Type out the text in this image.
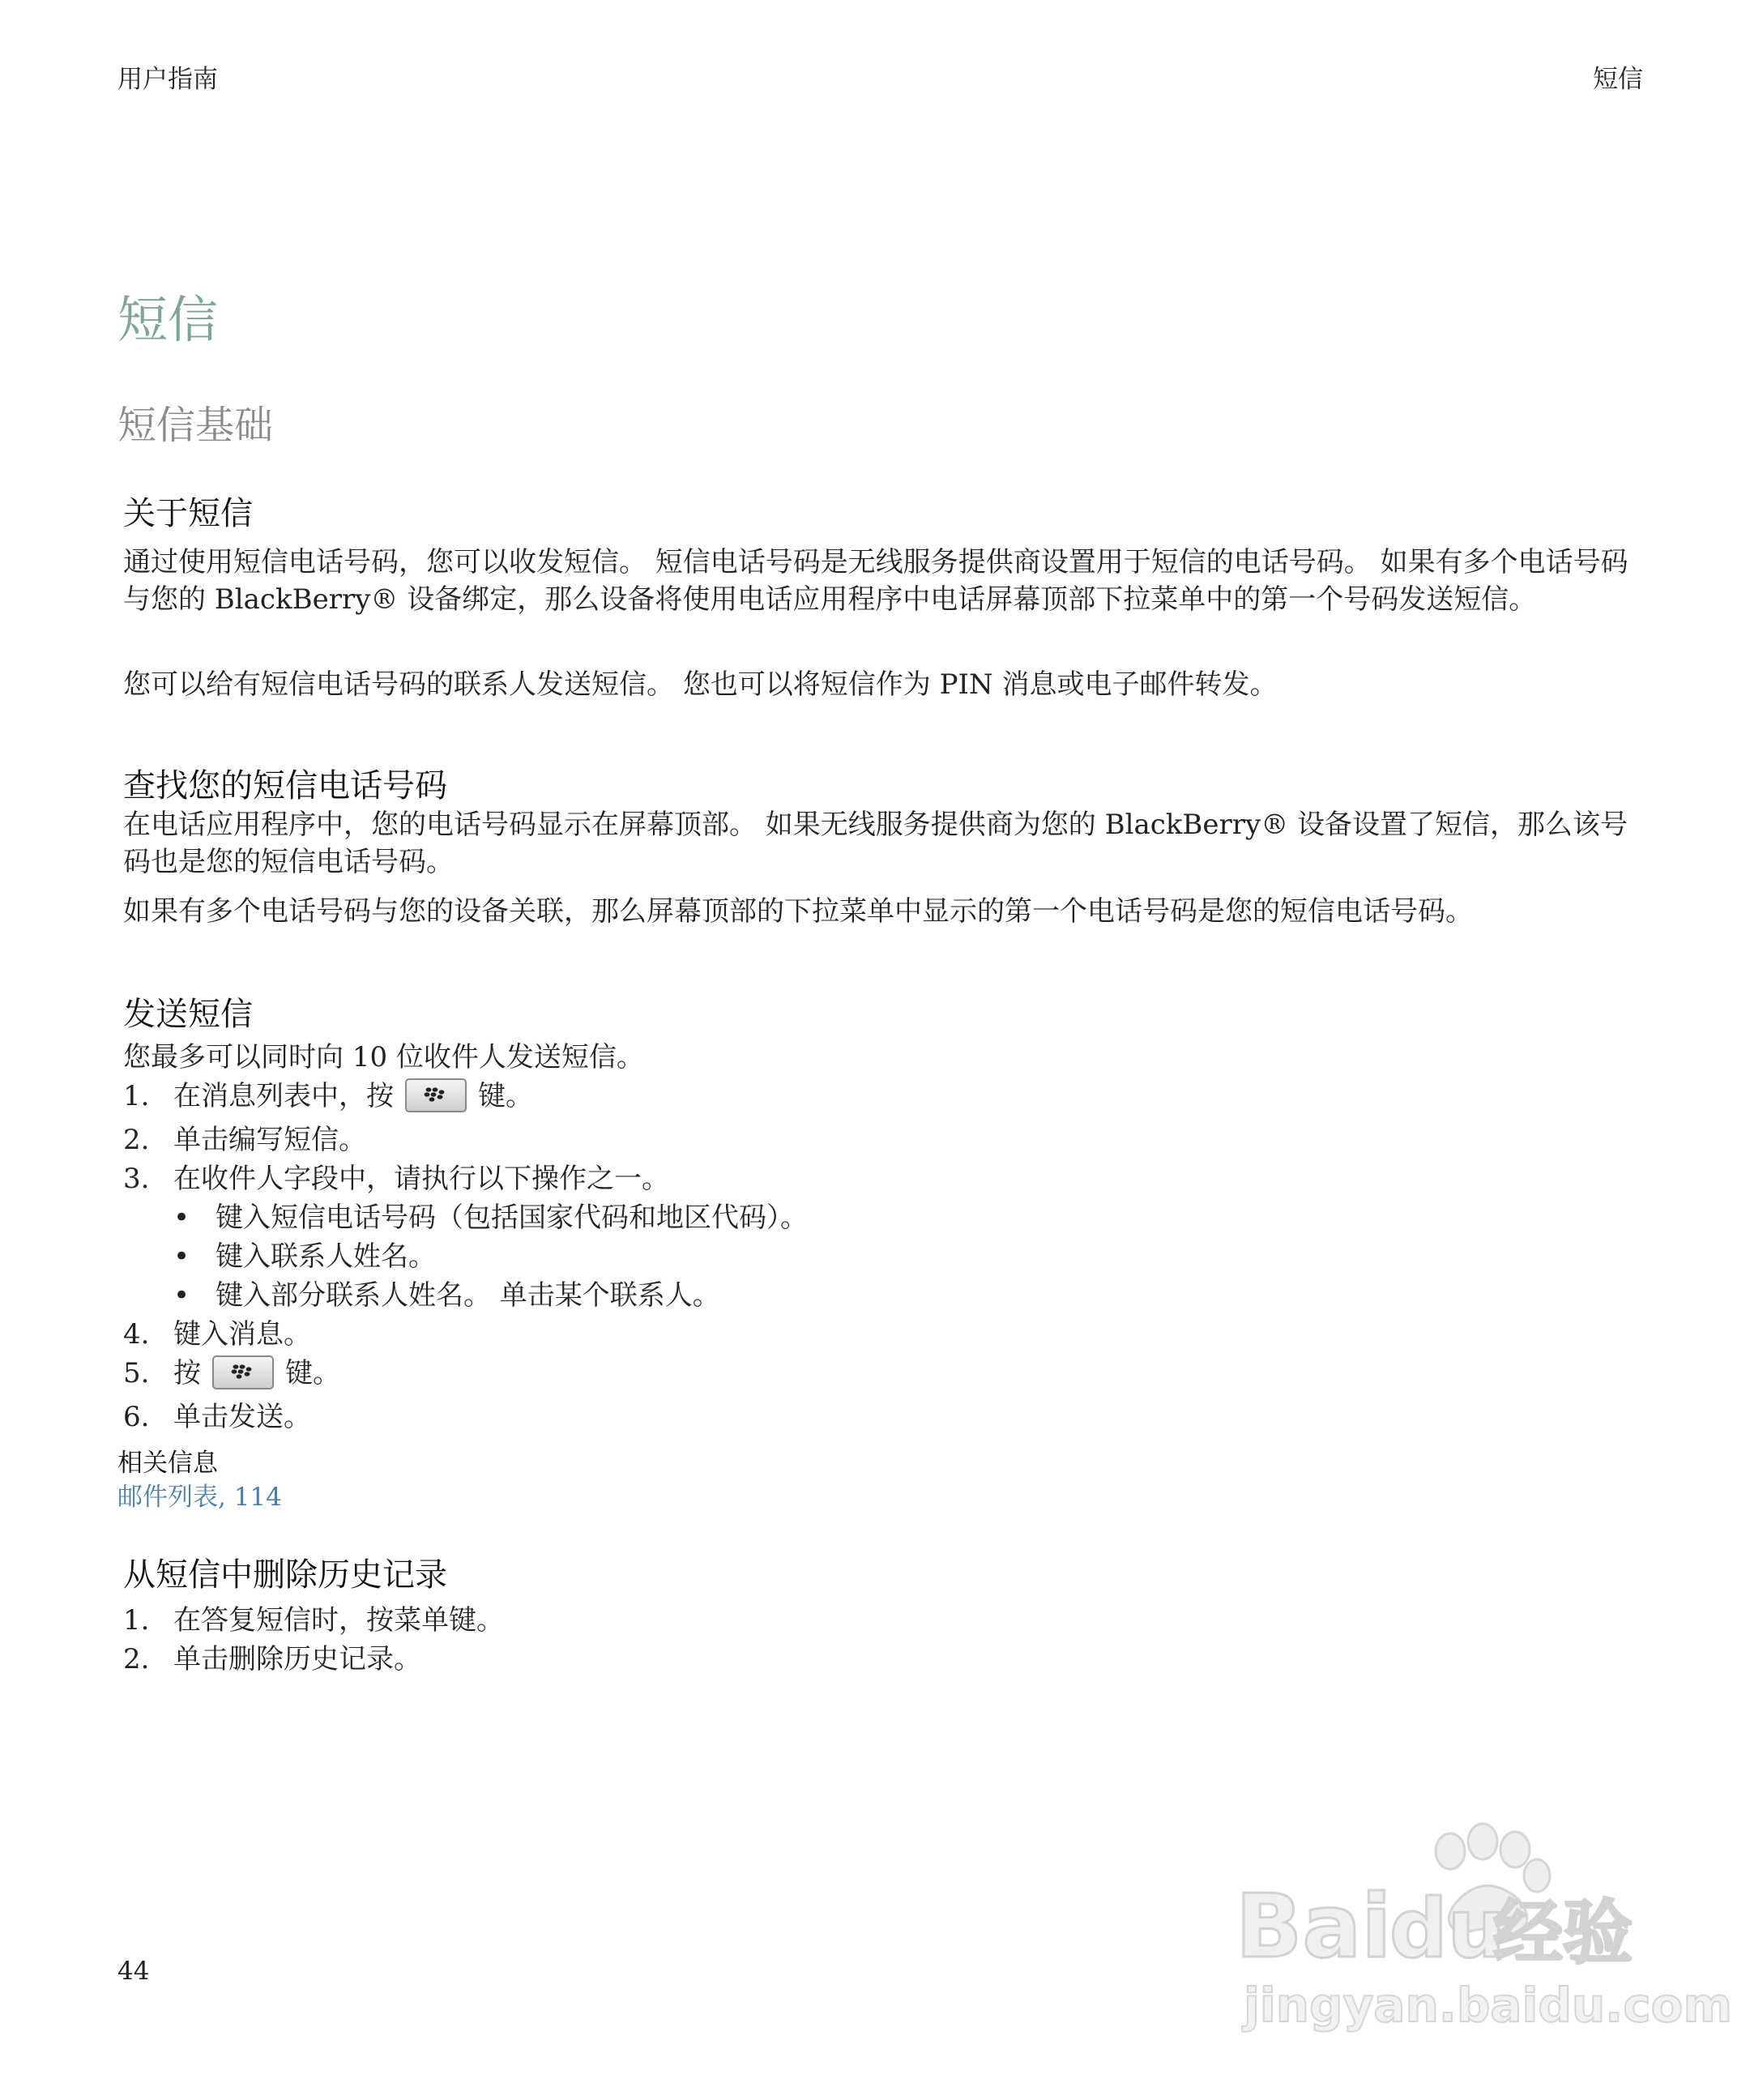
用户指南	短信
短信
短信基础
关于短信
通过使用短信电话号码，您可以收发短信。 短信电话号码是无线服务提供商设置用于短信的电话号码。 如果有多个电话号码与您的 BlackBerry® 设备绑定，那么设备将使用电话应用程序中电话屏幕顶部下拉菜单中的第一个号码发送短信。
您可以给有短信电话号码的联系人发送短信。 您也可以将短信作为 PIN 消息或电子邮件转发。
查找您的短信电话号码
在电话应用程序中，您的电话号码显示在屏幕顶部。 如果无线服务提供商为您的 BlackBerry® 设备设置了短信，那么该号码也是您的短信电话号码。
如果有多个电话号码与您的设备关联，那么屏幕顶部的下拉菜单中显示的第一个电话号码是您的短信电话号码。
发送短信
您最多可以同时向 10 位收件人发送短信。
1. 在消息列表中，按	键。
2. 单击编写短信。
3. 在收件人字段中，请执行以下操作之一。
• 键入短信电话号码（包括国家代码和地区代码）。
• 键入联系人姓名。
• 键入部分联系人姓名。 单击某个联系人。
4. 键入消息。
5. 按	键。
6. 单击发送。
相关信息
邮件列表, 114
从短信中删除历史记录
1. 在答复短信时，按菜单键。
2. 单击删除历史记录。
44	Bai
du
经验
jingyan.baidu.com
